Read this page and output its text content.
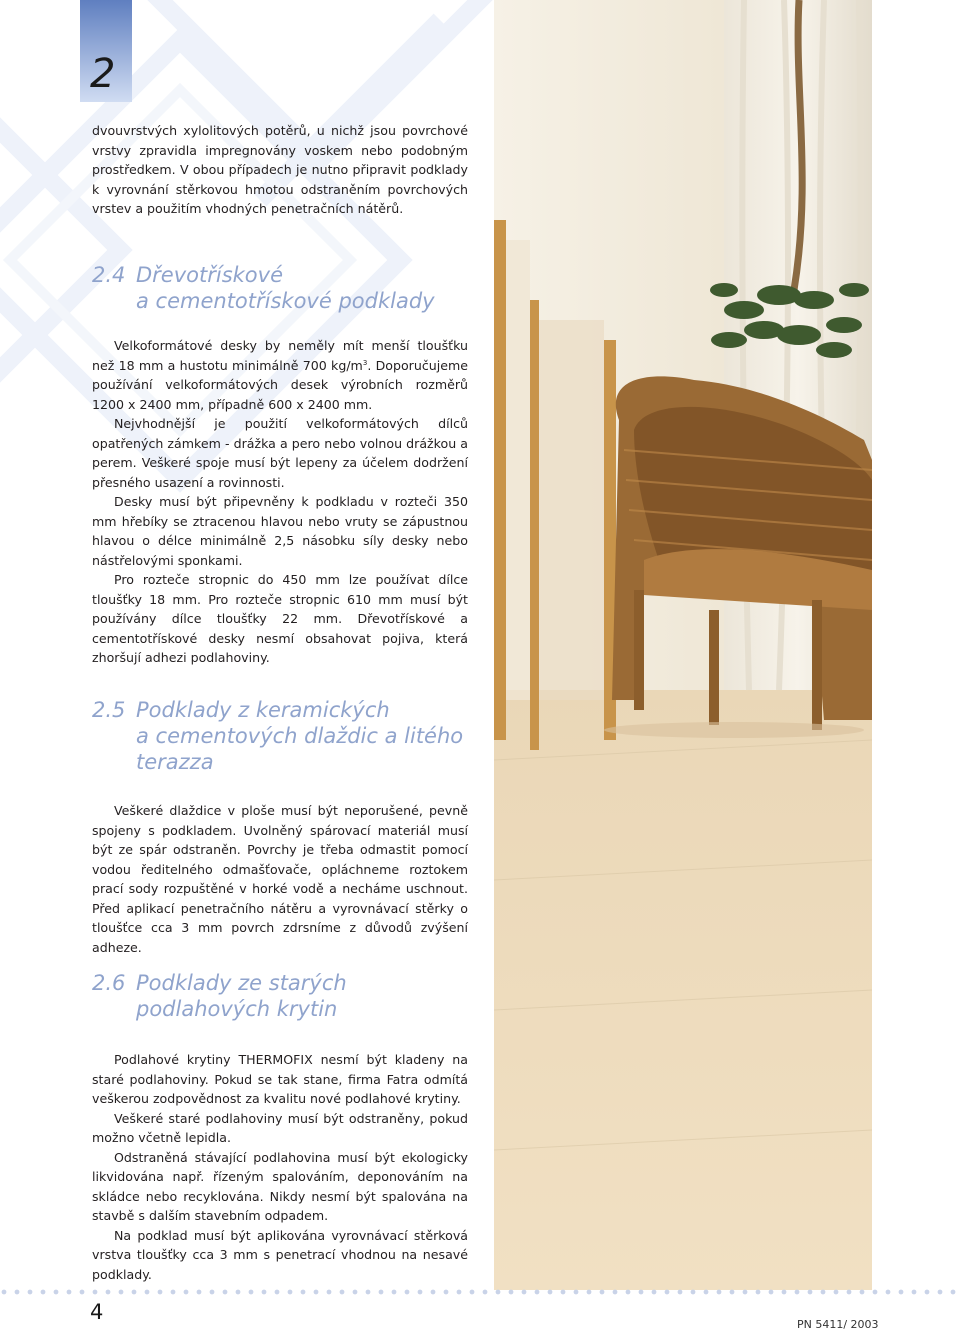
2

dvouvrstvých xylolitových potěrů, u nichž jsou povrchové vrstvy zpravidla impregnovány voskem nebo podobným prostředkem. V obou případech je nutno připravit podklady k vyrovnání stěrkovou hmotou odstraněním povrchových vrstev a použitím vhodných penetračních nátěrů.

2.4 Dřevotřískové
a cementotřískové podklady

Velkoformátové desky by neměly mít menší tloušťku než 18 mm a hustotu minimálně 700 $kg/m^3$. Doporučujeme používání velkoformátových desek výrobních rozměrů 1200 x 2400 mm, případně 600 x 2400 mm.

Nejvhodnější je použití velkoformátových dílců opatřených zámkem - drážka a pero nebo volnou drážkou a perem. Veškeré spoje musí být lepeny za účelem dodržení přesného usazení a rovinnosti.

Desky musí být připevněny k podkladu v rozteči 350 mm hřebíky se ztracenou hlavou nebo vruty se zápustnou hlavou o délce minimálně 2,5 násobku síly desky nebo nástřelovými sponkami.

Pro rozteče stropnic do 450 mm lze používat dílce tloušťky 18 mm. Pro rozteče stropnic 610 mm musí být používány dílce tloušťky 22 mm. Dřevotřískové a cementotřískové desky nesmí obsahovat pojiva, která zhoršují adhezi podlahoviny.

2.5 Podklady z keramických
a cementových dlaždic a litého
terazza

Veškeré dlaždice v ploše musí být neporušené, pevně spojeny s podkladem. Uvolněný spárovací materiál musí být ze spár odstraněn. Povrchy je třeba odmastit pomocí vodou ředitelného odmašťovače, opláchneme roztokem prací sody rozpuštěné v horké vodě a necháme uschnout. Před aplikací penetračního nátěru a vyrovnávací stěrky o tloušťce cca 3 mm povrch zdrsníme z důvodů zvýšení adheze.

2.6 Podklady ze starých
podlahových krytin

Podlahové krytiny THERMOFIX nesmí být kladeny na staré podlahoviny. Pokud se tak stane, firma Fatra odmítá veškerou zodpovědnost za kvalitu nové podlahové krytiny.

Veškeré staré podlahoviny musí být odstraněny, pokud možno včetně lepidla.

Odstraněná stávající podlahovina musí být ekologicky likvidována např. řízeným spalováním, deponováním na skládce nebo recyklována. Nikdy nesmí být spalována na stavbě s dalším stavebním odpadem.

Na podklad musí být aplikována vyrovnávací stěrková vrstva tloušťky cca 3 mm s penetrací vhodnou na nesavé podklady.

4
PN 5411/ 2003
